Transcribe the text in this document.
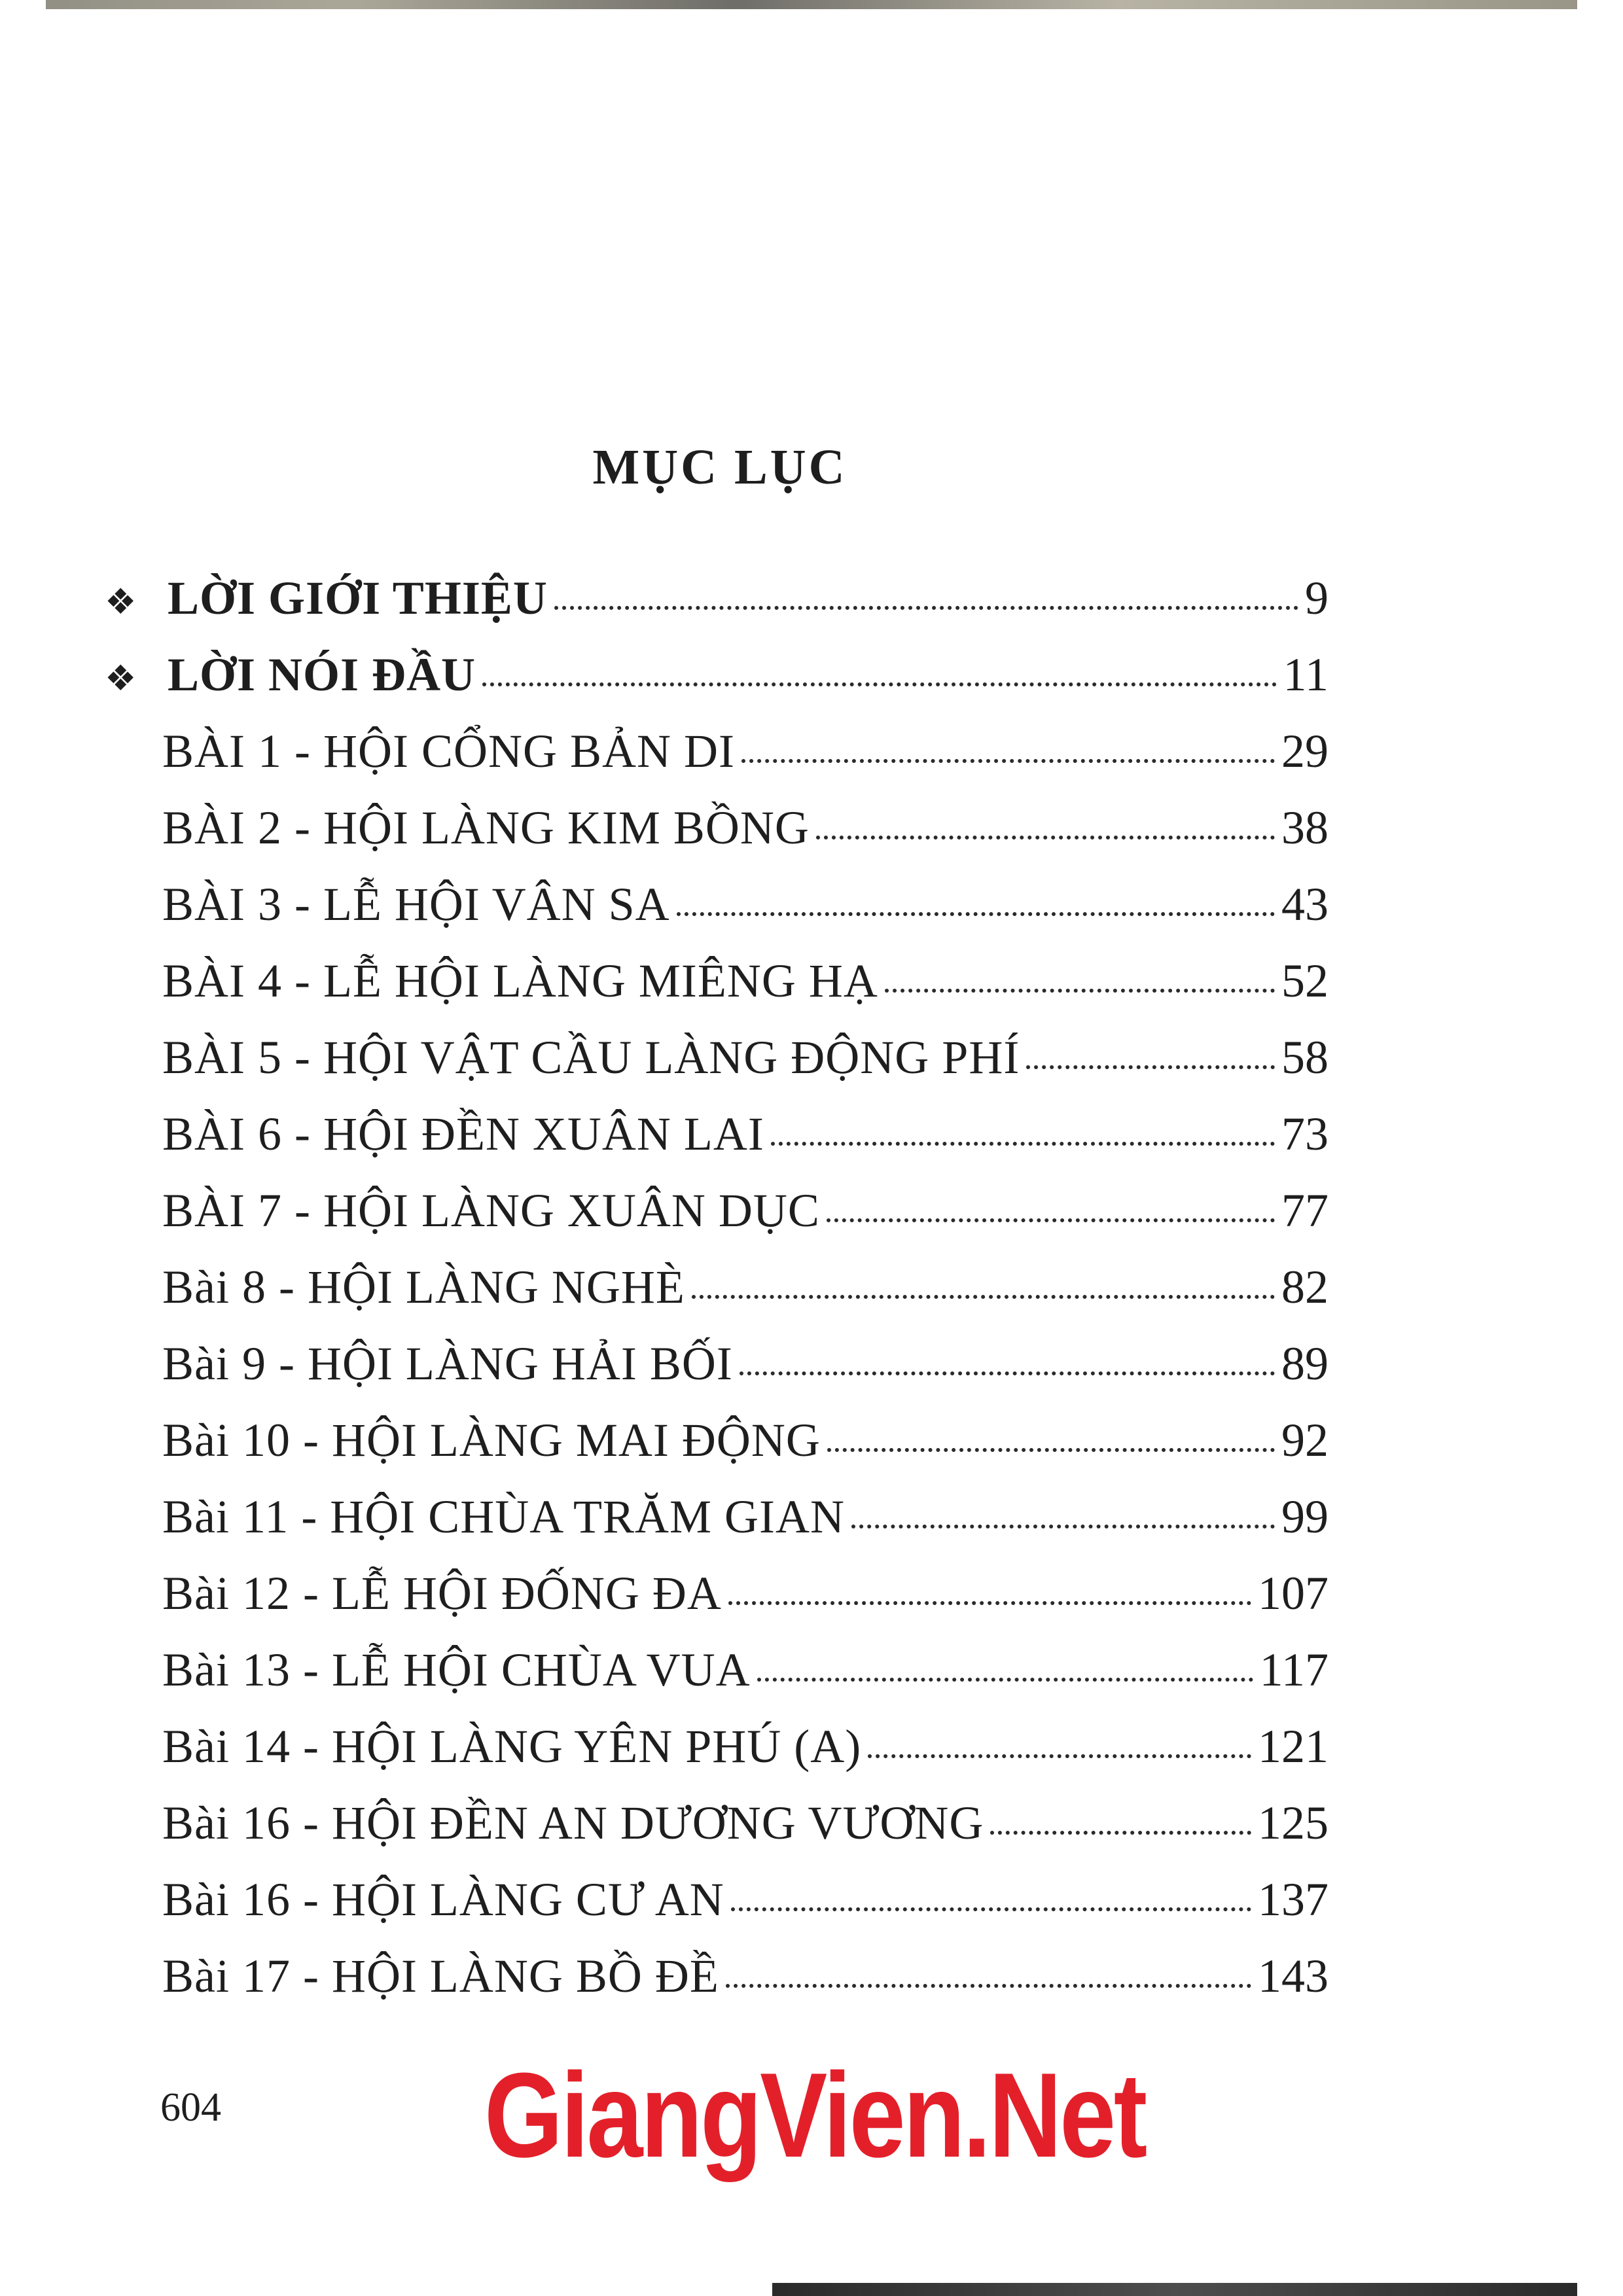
MỤC LỤC
❖ LỜI GIỚI THIỆU	9
❖ LỜI NÓI ĐẦU	11
BÀI 1 - HỘI CỔNG BẢN DI	29
BÀI 2 - HỘI LÀNG KIM BỒNG	38
BÀI 3 - LỄ HỘI VÂN SA	43
BÀI 4 - LỄ HỘI LÀNG MIÊNG HẠ	52
BÀI 5 - HỘI VẬT CẦU LÀNG ĐỘNG PHÍ	58
BÀI 6 - HỘI ĐỀN XUÂN LAI	73
BÀI 7 - HỘI LÀNG XUÂN DỤC	77
Bài 8 - HỘI LÀNG NGHÈ	82
Bài 9 - HỘI LÀNG HẢI BỐI	89
Bài 10 - HỘI LÀNG MAI ĐỘNG	92
Bài 11 - HỘI CHÙA TRĂM GIAN	99
Bài 12 - LỄ HỘI ĐỐNG ĐA	107
Bài 13 - LỄ HỘI CHÙA VUA	117
Bài 14 - HỘI LÀNG YÊN PHÚ (A)	121
Bài 16 - HỘI ĐỀN AN DƯƠNG VƯƠNG	125
Bài 16 - HỘI LÀNG CƯ AN	137
Bài 17 - HỘI LÀNG BỒ ĐỀ	143
604 GiangVien.Net
